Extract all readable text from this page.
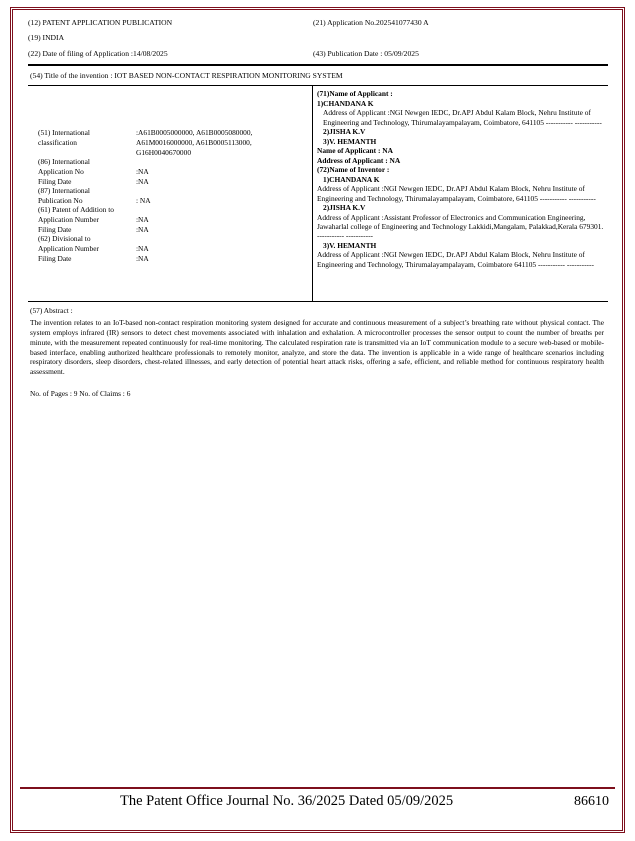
(12) PATENT APPLICATION PUBLICATION	(21) Application No.202541077430 A
(19) INDIA
(22) Date of filing of Application :14/08/2025	(43) Publication Date : 05/09/2025
(54) Title of the invention : IOT BASED NON-CONTACT RESPIRATION MONITORING SYSTEM
(51) International	:A61B0005000000, A61B0005080000,
classification	A61M0016000000, A61B0005113000,
G16H0040670000
(86) International
Application No	:NA
Filing Date	:NA
(87) International
Publication No	: NA
(61) Patent of Addition to
Application Number	:NA
Filing Date	:NA
(62) Divisional to
Application Number	:NA
Filing Date	:NA
(71)Name of Applicant :
1)CHANDANA K
Address of Applicant :NGI Newgen IEDC, Dr.APJ Abdul Kalam Block, Nehru Institute of Engineering and Technology, Thirumalayampalayam, Coimbatore, 641105 ----------- -----------
2)JISHA K.V
3)V. HEMANTH
Name of Applicant : NA
Address of Applicant : NA
(72)Name of Inventor :
1)CHANDANA K
Address of Applicant :NGI Newgen IEDC, Dr.APJ Abdul Kalam Block, Nehru Institute of Engineering and Technology, Thirumalayampalayam, Coimbatore, 641105 ----------- -----------
2)JISHA K.V
Address of Applicant :Assistant Professor of Electronics and Communication Engineering, Jawaharlal college of Engineering and Technology Lakkidi,Mangalam, Palakkad,Kerala 679301. ----------- -----------
3)V. HEMANTH
Address of Applicant :NGI Newgen IEDC, Dr.APJ Abdul Kalam Block, Nehru Institute of Engineering and Technology, Thirumalayampalayam, Coimbatore 641105 ----------- -----------
(57) Abstract :
The invention relates to an IoT-based non-contact respiration monitoring system designed for accurate and continuous measurement of a subject’s breathing rate without physical contact. The system employs infrared (IR) sensors to detect chest movements associated with inhalation and exhalation. A microcontroller processes the sensor output to count the number of breaths per minute, with the measurement repeated continuously for real-time monitoring. The calculated respiration rate is transmitted via an IoT communication module to a secure web-based or mobile-based interface, enabling authorized healthcare professionals to remotely monitor, analyze, and store the data. The invention is applicable in a wide range of healthcare scenarios including respiratory disorders, sleep disorders, chest-related illnesses, and early detection of potential heart attack risks, offering a safe, efficient, and reliable method for continuous respiratory health assessment.
No. of Pages : 9 No. of Claims : 6
The Patent Office Journal No. 36/2025 Dated 05/09/2025	86610
